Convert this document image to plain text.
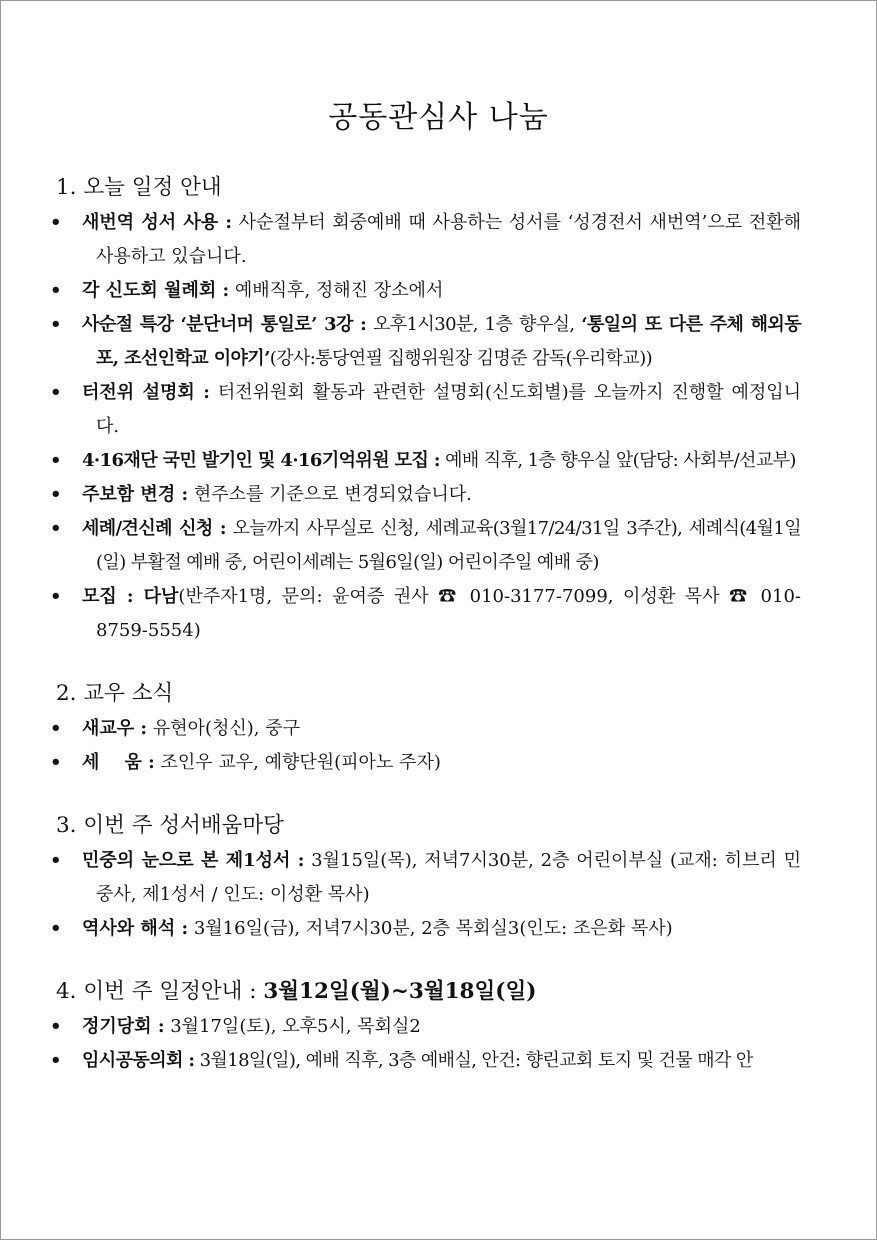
공동관심사 나눔
1. 오늘 일정 안내
• 새번역 성서 사용 : 사순절부터 회중예배 때 사용하는 성서를 ‘성경전서 새번역’으로 전환해 사용하고 있습니다.
• 각 신도회 월례회 : 예배직후, 정해진 장소에서
• 사순절 특강 ‘분단너머 통일로’ 3강 : 오후1시30분, 1층 향우실, ‘통일의 또 다른 주체 해외동포, 조선인학교 이야기’(강사:통당연필 집행위원장 김명준 감독(우리학교))
• 터전위 설명회 : 터전위원회 활동과 관련한 설명회(신도회별)를 오늘까지 진행할 예정입니다.
• 4·16재단 국민 발기인 및 4·16기억위원 모집 : 예배 직후, 1층 향우실 앞(담당: 사회부/선교부)
• 주보함 변경 : 현주소를 기준으로 변경되었습니다.
• 세례/견신례 신청 : 오늘까지 사무실로 신청, 세례교육(3월17/24/31일 3주간), 세례식(4월1일(일) 부활절 예배 중, 어린이세례는 5월6일(일) 어린이주일 예배 중)
• 모집 : 다남(반주자1명, 문의: 윤여증 권사 ☎ 010-3177-7099, 이성환 목사 ☎ 010-8759-5554)
2. 교우 소식
• 새교우 : 유현아(청신), 중구
• 세    움 : 조인우 교우, 예향단원(피아노 주자)
3. 이번 주 성서배움마당
• 민중의 눈으로 본 제1성서 : 3월15일(목), 저녁7시30분, 2층 어린이부실 (교재: 히브리 민중사, 제1성서 / 인도: 이성환 목사)
• 역사와 해석 : 3월16일(금), 저녁7시30분, 2층 목회실3(인도: 조은화 목사)
4. 이번 주 일정안내 : 3월12일(월)~3월18일(일)
• 정기당회 : 3월17일(토), 오후5시, 목회실2
• 임시공동의회 : 3월18일(일), 예배 직후, 3층 예배실, 안건: 향린교회 토지 및 건물 매각 안
